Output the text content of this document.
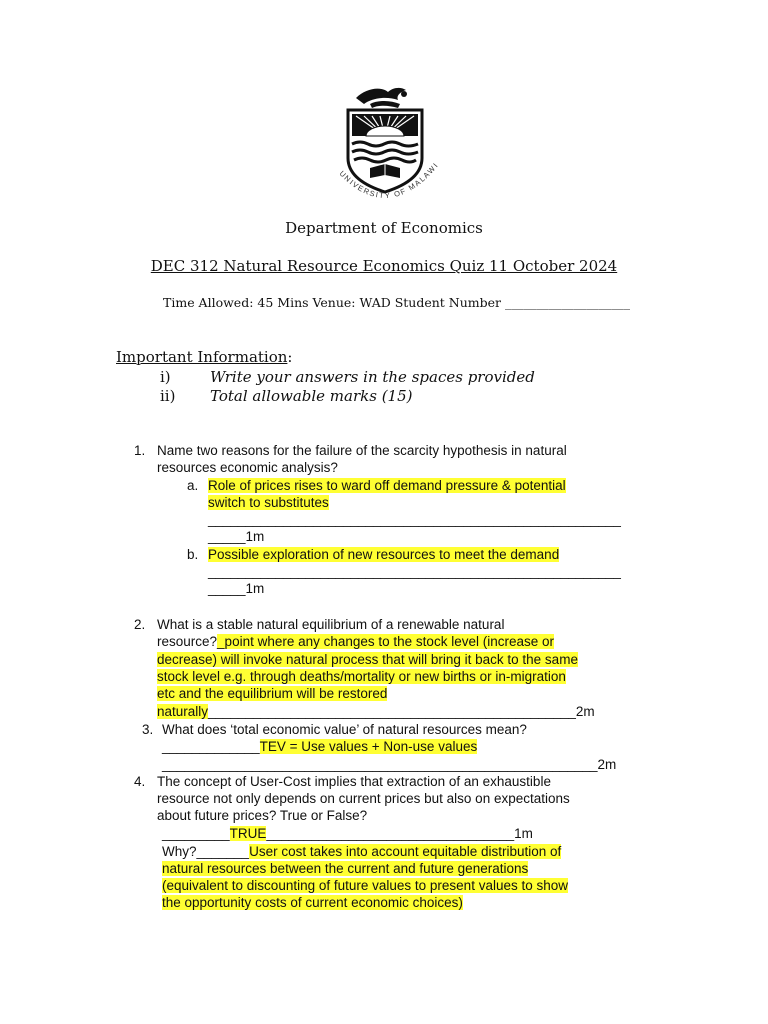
UNIVERSITY OF MALAWI
Department of Economics
DEC 312 Natural Resource Economics Quiz 11 October 2024
Time Allowed: 45 Mins Venue: WAD Student Number ____________________
Important Information:
i)	Write your answers in the spaces provided
ii) Total allowable marks (15)
1. Name two reasons for the failure of the scarcity hypothesis in natural
resources economic analysis?
a. Role of prices rises to ward off demand pressure & potential
switch to substitutes
_______________________________________________________
_____1m
b. Possible exploration of new resources to meet the demand
_______________________________________________________
_____1m
2. What is a stable natural equilibrium of a renewable natural
resource?_point where any changes to the stock level (increase or
decrease) will invoke natural process that will bring it back to the same
stock level e.g. through deaths/mortality or new births or in-migration
etc and the equilibrium will be restored
naturally_________________________________________________2m
3. What does ‘total economic value’ of natural resources mean?
_____________TEV = Use values + Non-use values
__________________________________________________________2m
4. The concept of User-Cost implies that extraction of an exhaustible
resource not only depends on current prices but also on expectations
about future prices? True or False?
_________TRUE_________________________________1m
Why?_______User cost takes into account equitable distribution of
natural resources between the current and future generations
(equivalent to discounting of future values to present values to show
the opportunity costs of current economic choices)
